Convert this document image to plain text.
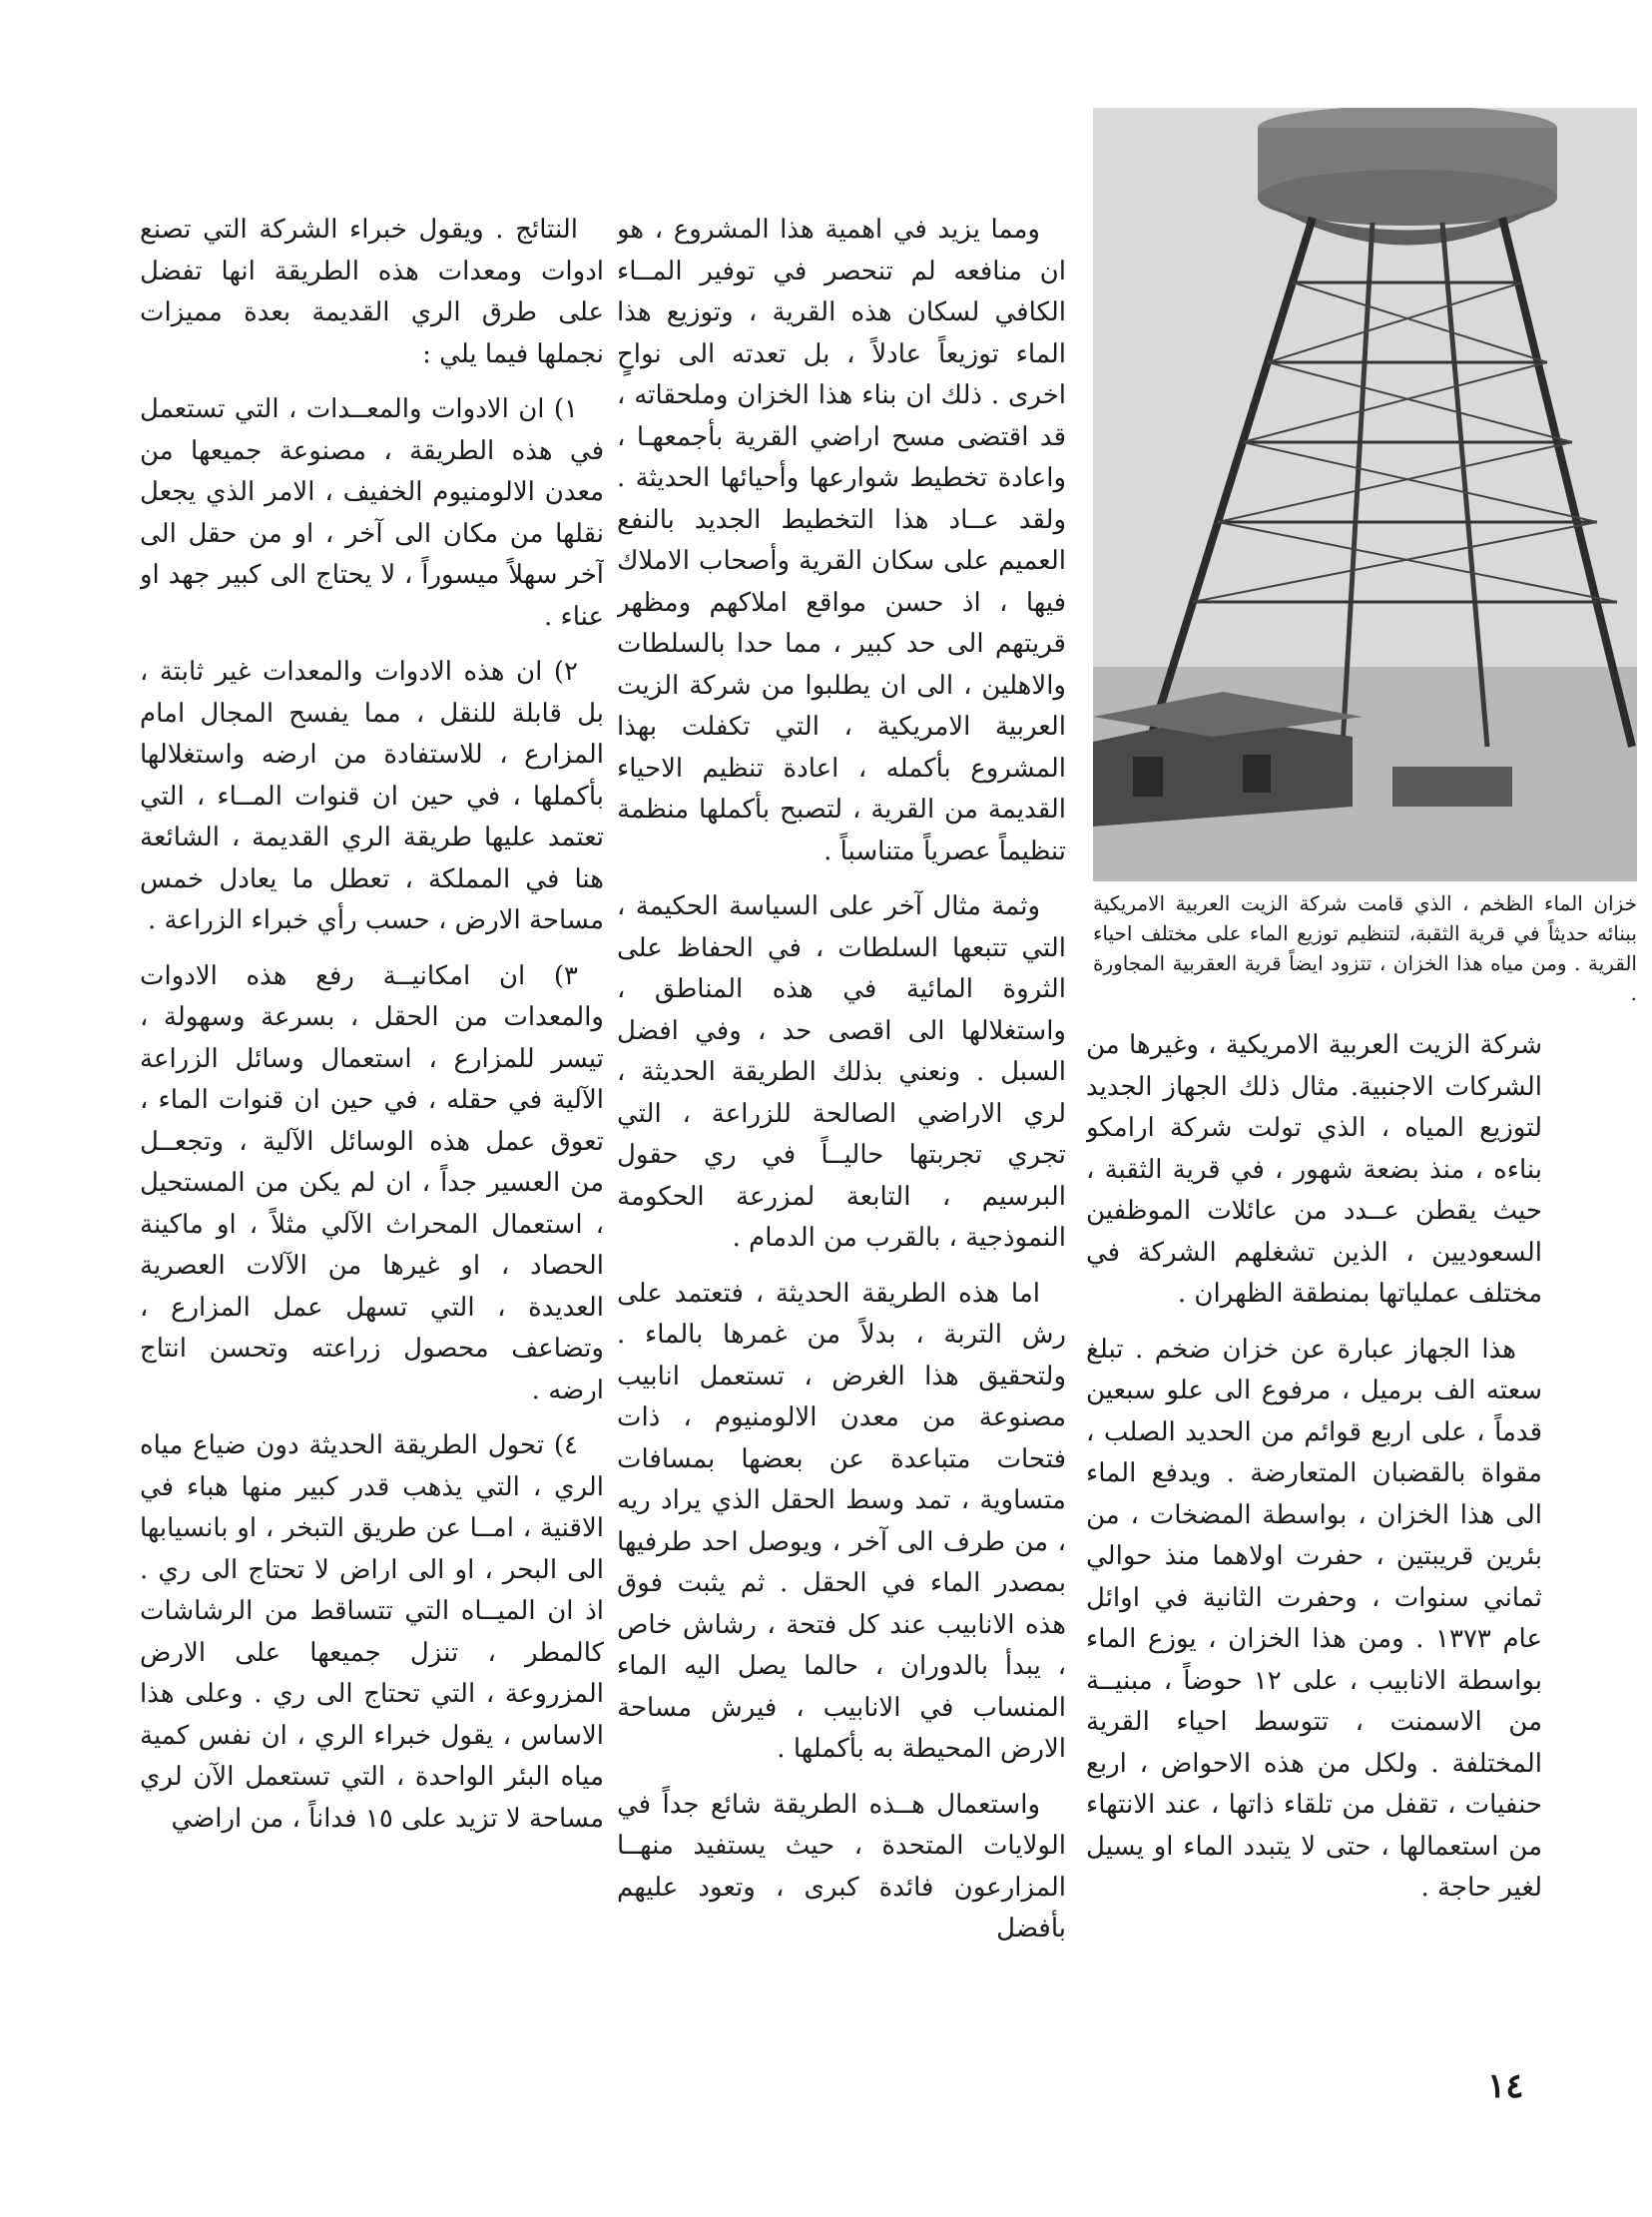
خزان الماء الظخم ، الذي قامت شركة الزيت العربية الامريكية ببنائه حديثاً في قرية الثقبة، لتنظيم توزيع الماء على مختلف احياء القرية . ومن مياه هذا الخزان ، تتزود ايضاً قرية العقربية المجاورة .

شركة الزيت العربية الامريكية ، وغيرها من الشركات الاجنبية. مثال ذلك الجهاز الجديد لتوزيع المياه ، الذي تولت شركة ارامكو بناءه ، منذ بضعة شهور ، في قرية الثقبة ، حيث يقطن عــدد من عائلات الموظفين السعوديين ، الذين تشغلهم الشركة في مختلف عملياتها بمنطقة الظهران .

هذا الجهاز عبارة عن خزان ضخم . تبلغ سعته الف برميل ، مرفوع الى علو سبعين قدماً ، على اربع قوائم من الحديد الصلب ، مقواة بالقضبان المتعارضة . ويدفع الماء الى هذا الخزان ، بواسطة المضخات ، من بئرين قريبتين ، حفرت اولاهما منذ حوالي ثماني سنوات ، وحفرت الثانية في اوائل عام ١٣٧٣ . ومن هذا الخزان ، يوزع الماء بواسطة الانابيب ، على ١٢ حوضاً ، مبنيــة من الاسمنت ، تتوسط احياء القرية المختلفة . ولكل من هذه الاحواض ، اربع حنفيات ، تقفل من تلقاء ذاتها ، عند الانتهاء من استعمالها ، حتى لا يتبدد الماء او يسيل لغير حاجة .

ومما يزيد في اهمية هذا المشروع ، هو ان منافعه لم تنحصر في توفير المــاء الكافي لسكان هذه القرية ، وتوزيع هذا الماء توزيعاً عادلاً ، بل تعدته الى نواحٍ اخرى . ذلك ان بناء هذا الخزان وملحقاته ، قد اقتضى مسح اراضي القرية بأجمعهـا ، واعادة تخطيط شوارعها وأحيائها الحديثة . ولقد عــاد هذا التخطيط الجديد بالنفع العميم على سكان القرية وأصحاب الاملاك فيها ، اذ حسن مواقع املاكهم ومظهر قريتهم الى حد كبير ، مما حدا بالسلطات والاهلين ، الى ان يطلبوا من شركة الزيت العربية الامريكية ، التي تكفلت بهذا المشروع بأكمله ، اعادة تنظيم الاحياء القديمة من القرية ، لتصبح بأكملها منظمة تنظيماً عصرياً متناسباً .

وثمة مثال آخر على السياسة الحكيمة ، التي تتبعها السلطات ، في الحفاظ على الثروة المائية في هذه المناطق ، واستغلالها الى اقصى حد ، وفي افضل السبل . ونعني بذلك الطريقة الحديثة ، لري الاراضي الصالحة للزراعة ، التي تجري تجربتها حاليــاً في ري حقول البرسيم ، التابعة لمزرعة الحكومة النموذجية ، بالقرب من الدمام .

اما هذه الطريقة الحديثة ، فتعتمد على رش التربة ، بدلاً من غمرها بالماء . ولتحقيق هذا الغرض ، تستعمل انابيب مصنوعة من معدن الالومنيوم ، ذات فتحات متباعدة عن بعضها بمسافات متساوية ، تمد وسط الحقل الذي يراد ريه ، من طرف الى آخر ، ويوصل احد طرفيها بمصدر الماء في الحقل . ثم يثبت فوق هذه الانابيب عند كل فتحة ، رشاش خاص ، يبدأ بالدوران ، حالما يصل اليه الماء المنساب في الانابيب ، فيرش مساحة الارض المحيطة به بأكملها .

واستعمال هــذه الطريقة شائع جداً في الولايات المتحدة ، حيث يستفيد منهــا المزارعون فائدة كبرى ، وتعود عليهم بأفضل

النتائج . ويقول خبراء الشركة التي تصنع ادوات ومعدات هذه الطريقة انها تفضل على طرق الري القديمة بعدة مميزات نجملها فيما يلي :

١) ان الادوات والمعــدات ، التي تستعمل في هذه الطريقة ، مصنوعة جميعها من معدن الالومنيوم الخفيف ، الامر الذي يجعل نقلها من مكان الى آخر ، او من حقل الى آخر سهلاً ميسوراً ، لا يحتاج الى كبير جهد او عناء .

٢) ان هذه الادوات والمعدات غير ثابتة ، بل قابلة للنقل ، مما يفسح المجال امام المزارع ، للاستفادة من ارضه واستغلالها بأكملها ، في حين ان قنوات المــاء ، التي تعتمد عليها طريقة الري القديمة ، الشائعة هنا في المملكة ، تعطل ما يعادل خمس مساحة الارض ، حسب رأي خبراء الزراعة .

٣) ان امكانيــة رفع هذه الادوات والمعدات من الحقل ، بسرعة وسهولة ، تيسر للمزارع ، استعمال وسائل الزراعة الآلية في حقله ، في حين ان قنوات الماء ، تعوق عمل هذه الوسائل الآلية ، وتجعــل من العسير جداً ، ان لم يكن من المستحيل ، استعمال المحراث الآلي مثلاً ، او ماكينة الحصاد ، او غيرها من الآلات العصرية العديدة ، التي تسهل عمل المزارع ، وتضاعف محصول زراعته وتحسن انتاج ارضه .

٤) تحول الطريقة الحديثة دون ضياع مياه الري ، التي يذهب قدر كبير منها هباء في الاقنية ، امــا عن طريق التبخر ، او بانسيابها الى البحر ، او الى اراض لا تحتاج الى ري . اذ ان الميــاه التي تتساقط من الرشاشات كالمطر ، تنزل جميعها على الارض المزروعة ، التي تحتاج الى ري . وعلى هذا الاساس ، يقول خبراء الري ، ان نفس كمية مياه البئر الواحدة ، التي تستعمل الآن لري مساحة لا تزيد على ١٥ فداناً ، من اراضي

١٤
